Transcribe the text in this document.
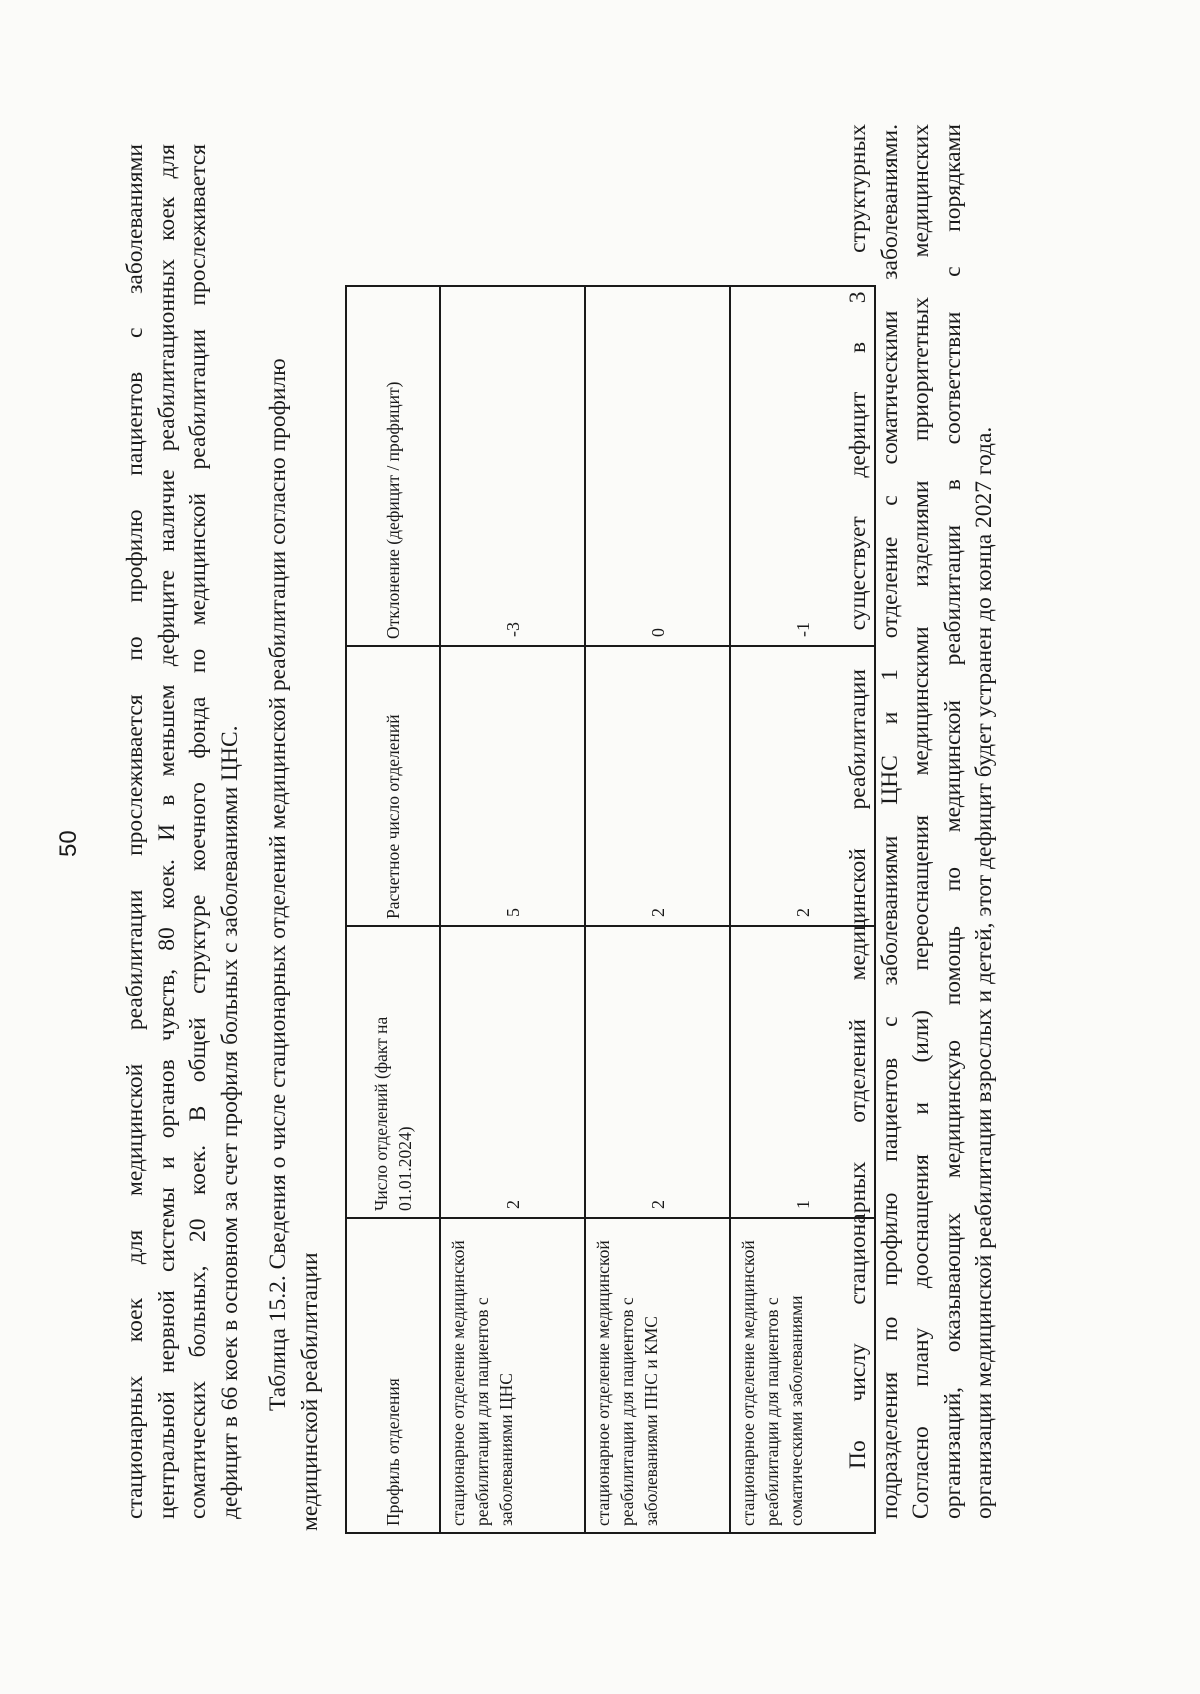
50 стационарных коек для медицинской реабилитации прослеживается по профилю пациентов с заболеваниями центральной нервной системы и органов чувств, 80 коек. И в меньшем дефиците наличие реабилитационных коек для соматических больных, 20 коек. В общей структуре коечного фонда по медицинской реабилитации прослеживается дефицит в 66 коек в основном за счет профиля больных с заболеваниями ЦНС. Таблица 15.2. Сведения о числе стационарных отделений медицинской реабилитации согласно профилю медицинской реабилитации	Профиль отделения	Число отделений (факт на 01.01.2024)	Расчетное число отделений	Отклонение (дефицит / профицит)
стационарное отделение медицинской реабилитации для пациентов с заболеваниями ЦНС	2	5	-3
стационарное отделение медицинской реабилитации для пациентов с заболеваниями ПНС и КМС	2	2	0
стационарное отделение медицинской реабилитации для пациентов с соматическими заболеваниями	1	2	-1 По числу стационарных отделений медицинской реабилитации существует дефицит в 3 структурных подразделения по профилю пациентов с заболеваниями ЦНС и 1 отделение с соматическими заболеваниями. Согласно плану дооснащения и (или) переоснащения медицинскими изделиями приоритетных медицинских организаций, оказывающих медицинскую помощь по медицинской реабилитации в соответствии с порядками организации медицинской реабилитации взрослых и детей, этот дефицит будет устранен до конца 2027 года.
